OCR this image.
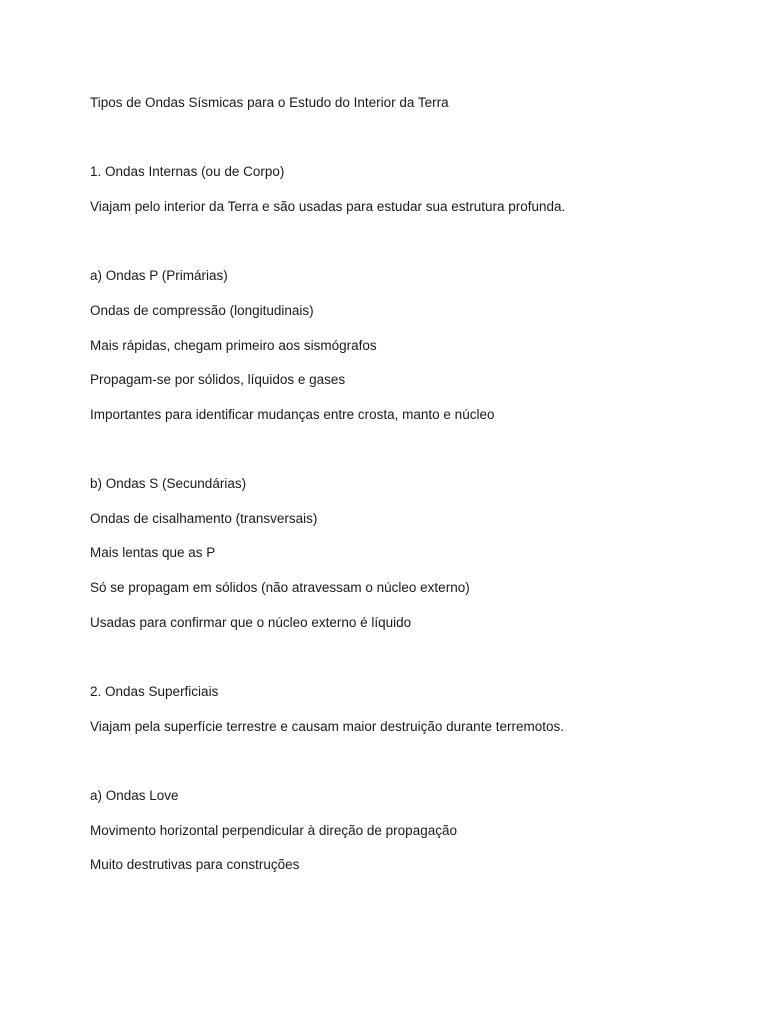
Tipos de Ondas Sísmicas para o Estudo do Interior da Terra
1. Ondas Internas (ou de Corpo)
Viajam pelo interior da Terra e são usadas para estudar sua estrutura profunda.
a) Ondas P (Primárias)
Ondas de compressão (longitudinais)
Mais rápidas, chegam primeiro aos sismógrafos
Propagam-se por sólidos, líquidos e gases
Importantes para identificar mudanças entre crosta, manto e núcleo
b) Ondas S (Secundárias)
Ondas de cisalhamento (transversais)
Mais lentas que as P
Só se propagam em sólidos (não atravessam o núcleo externo)
Usadas para confirmar que o núcleo externo é líquido
2. Ondas Superficiais
Viajam pela superfície terrestre e causam maior destruição durante terremotos.
a) Ondas Love
Movimento horizontal perpendicular à direção de propagação
Muito destrutivas para construções
